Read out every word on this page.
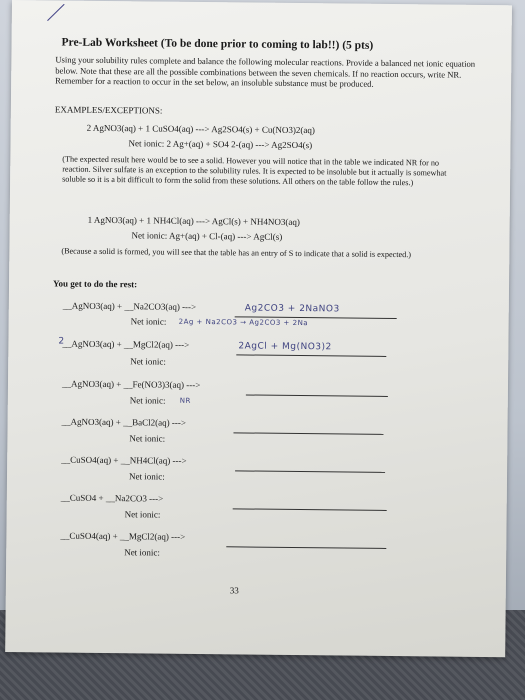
Pre-Lab Worksheet (To be done prior to coming to lab!!) (5 pts)
Using your solubility rules complete and balance the following molecular reactions. Provide a balanced net ionic equation below. Note that these are all the possible combinations between the seven chemicals. If no reaction occurs, write NR. Remember for a reaction to occur in the set below, an insoluble substance must be produced.
EXAMPLES/EXCEPTIONS:
2 AgNO3(aq) + 1 CuSO4(aq) ---> Ag2SO4(s) + Cu(NO3)2(aq)
Net ionic: 2 Ag+(aq) + SO4 2-(aq) ---> Ag2SO4(s)
(The expected result here would be to see a solid. However you will notice that in the table we indicated NR for no reaction. Silver sulfate is an exception to the solubility rules. It is expected to be insoluble but it actually is somewhat soluble so it is a bit difficult to form the solid from these solutions. All others on the table follow the rules.)
1 AgNO3(aq) + 1 NH4Cl(aq) ---> AgCl(s) + NH4NO3(aq)
Net ionic: Ag+(aq) + Cl-(aq) ---> AgCl(s)
(Because a solid is formed, you will see that the table has an entry of S to indicate that a solid is expected.)
You get to do the rest:
__AgNO3(aq) + __Na2CO3(aq) --->	Ag2CO3 + 2NaNO3
Net ionic: 2Ag + Na2CO3 → Ag2CO3 + 2Na
__AgNO3(aq) + __MgCl2(aq) --->
2	2AgCl + Mg(NO3)2
Net ionic:
__AgNO3(aq) + __Fe(NO3)3(aq) --->
Net ionic: NR
__AgNO3(aq) + __BaCl2(aq) --->
Net ionic:
__CuSO4(aq) + __NH4Cl(aq) --->
Net ionic:
__CuSO4 + __Na2CO3 --->
Net ionic:
__CuSO4(aq) + __MgCl2(aq) --->
Net ionic:
33
